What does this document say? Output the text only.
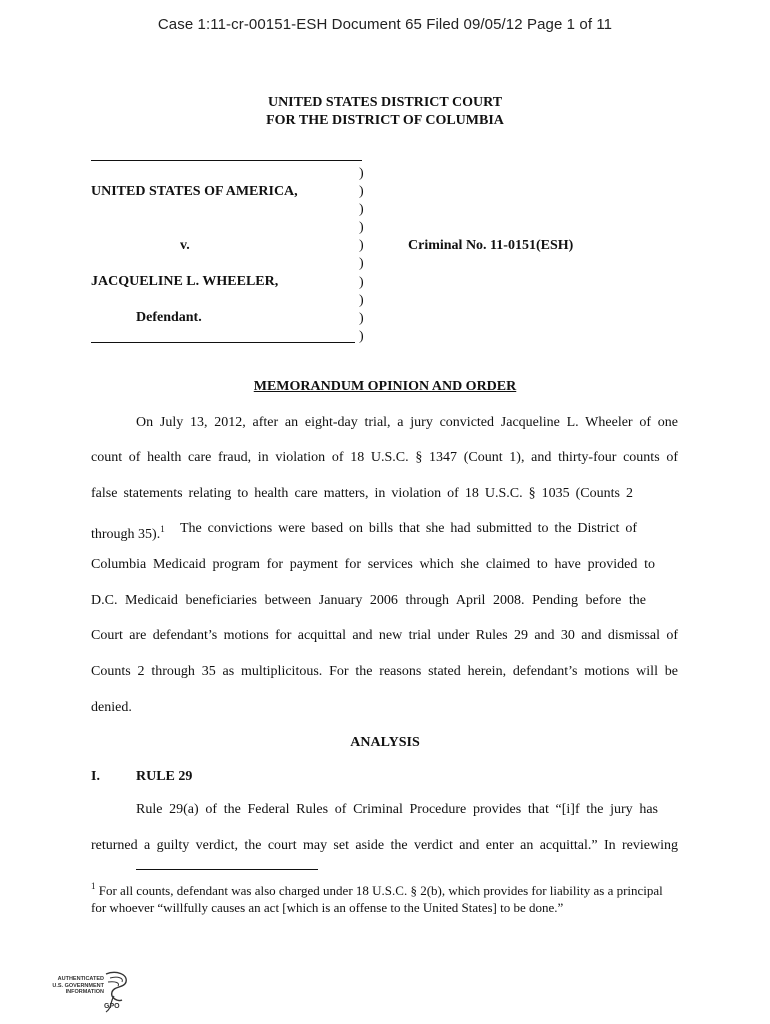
Case 1:11-cr-00151-ESH Document 65 Filed 09/05/12 Page 1 of 11
UNITED STATES DISTRICT COURT
FOR THE DISTRICT OF COLUMBIA
UNITED STATES OF AMERICA,
v.
JACQUELINE L. WHEELER,
Defendant.
Criminal No. 11-0151(ESH)
)
)
)
)
)
)
)
)
)
)
MEMORANDUM OPINION AND ORDER
On July 13, 2012, after an eight-day trial, a jury convicted Jacqueline L. Wheeler of one
count of health care fraud, in violation of 18 U.S.C. § 1347 (Count 1), and thirty-four counts of
false statements relating to health care matters, in violation of 18 U.S.C. § 1035 (Counts 2
through 35).$^1$ The convictions were based on bills that she had submitted to the District of
Columbia Medicaid program for payment for services which she claimed to have provided to
D.C. Medicaid beneficiaries between January 2006 through April 2008. Pending before the
Court are defendant’s motions for acquittal and new trial under Rules 29 and 30 and dismissal of
Counts 2 through 35 as multiplicitous. For the reasons stated herein, defendant’s motions will be
denied.
ANALYSIS
I.	RULE 29
Rule 29(a) of the Federal Rules of Criminal Procedure provides that “[i]f the jury has
returned a guilty verdict, the court may set aside the verdict and enter an acquittal.” In reviewing
$^1$ For all counts, defendant was also charged under 18 U.S.C. § 2(b), which provides for liability as a principal for whoever “willfully causes an act [which is an offense to the United States] to be done.”
AUTHENTICATED
U.S. GOVERNMENT
INFORMATION
GPO
